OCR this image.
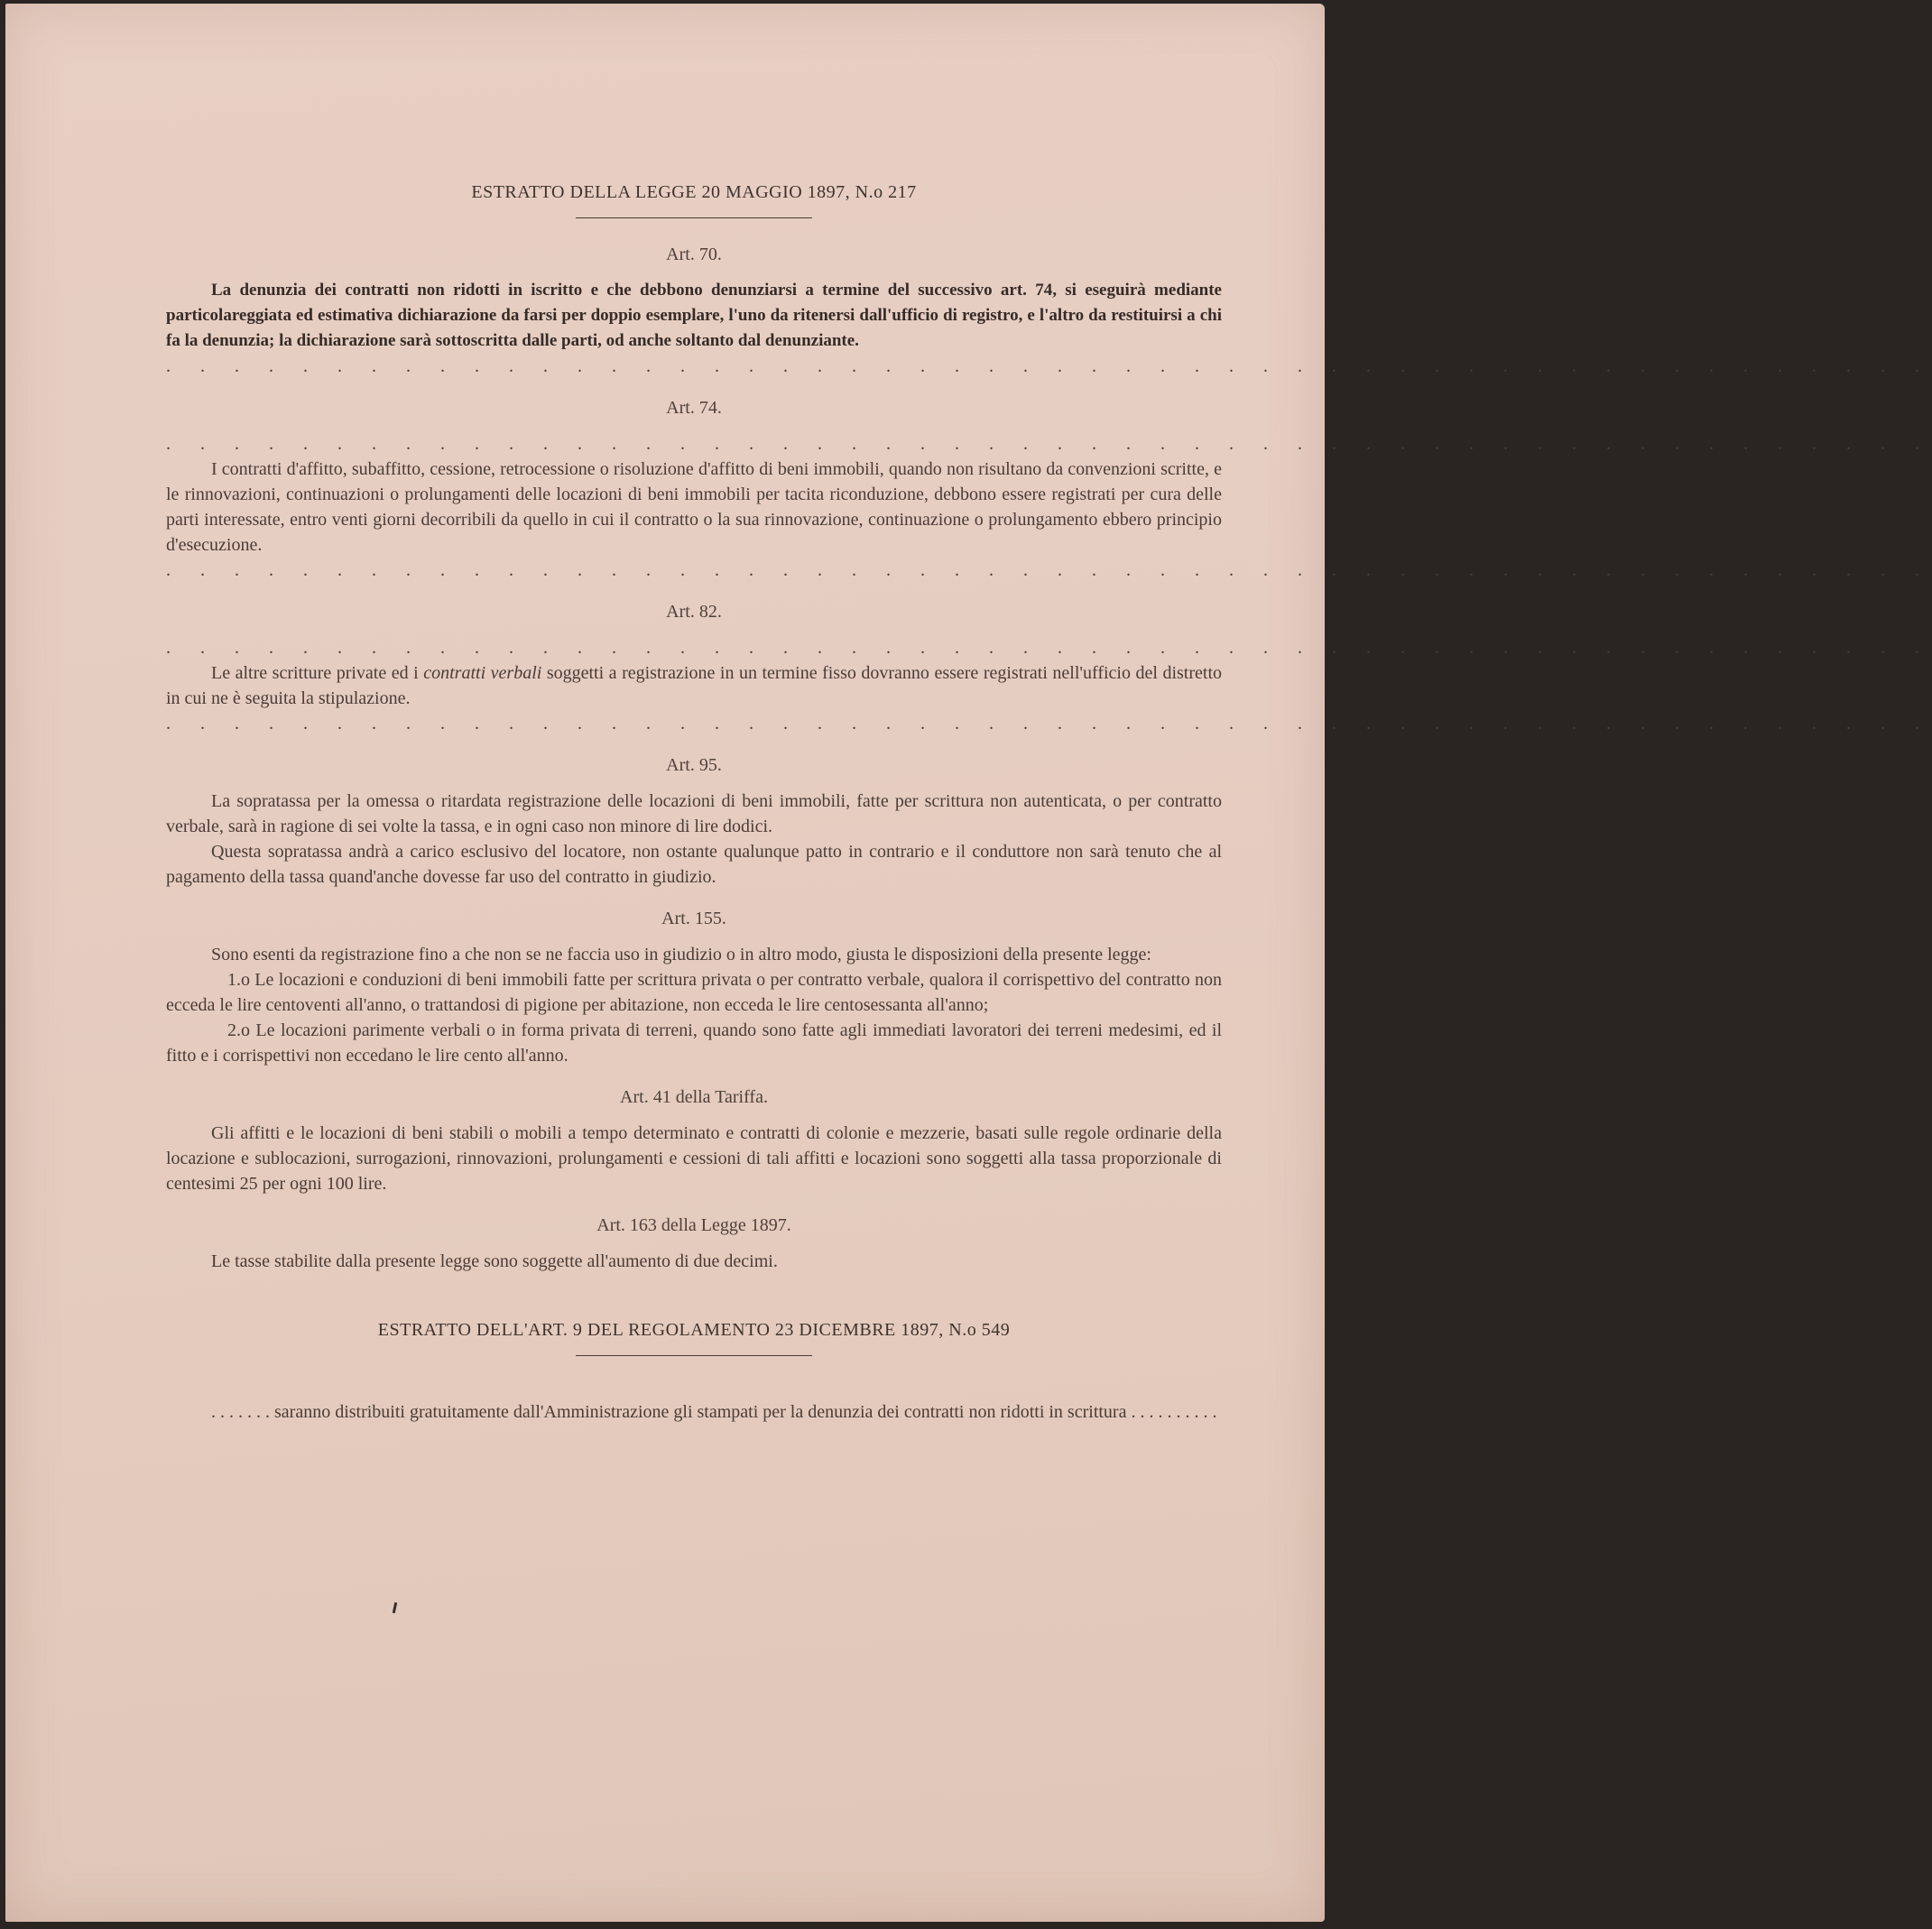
ESTRATTO DELLA LEGGE 20 MAGGIO 1897, N.o 217

Art. 70.

La denunzia dei contratti non ridotti in iscritto e che debbono denunziarsi a termine del successivo art. 74, si eseguirà mediante particolareggiata ed estimativa dichiarazione da farsi per doppio esemplare, l'uno da ritenersi dall'ufficio di registro, e l'altro da restituirsi a chi fa la denunzia; la dichiarazione sarà sottoscritta dalle parti, od anche soltanto dal denunziante.

. . . . . . . . . . . . . . . . . . . . . . . . . . . . . . . . . . . . . . . . . . . . . . . . . . . .

Art. 74.

. . . . . . . . . . . . . . . . . . . . . . . . . . . . . . . . . . . . . . . . . . . . . . . . . . . .

I contratti d'affitto, subaffitto, cessione, retrocessione o risoluzione d'affitto di beni immobili, quando non risultano da convenzioni scritte, e le rinnovazioni, continuazioni o prolungamenti delle locazioni di beni immobili per tacita riconduzione, debbono essere registrati per cura delle parti interessate, entro venti giorni decorribili da quello in cui il contratto o la sua rinnovazione, continuazione o prolungamento ebbero principio d'esecuzione.

. . . . . . . . . . . . . . . . . . . . . . . . . . . . . . . . . . . . . . . . . . . . . . . . . . . .

Art. 82.

. . . . . . . . . . . . . . . . . . . . . . . . . . . . . . . . . . . . . . . . . . . . . . . . . . . .

Le altre scritture private ed i contratti verbali soggetti a registrazione in un termine fisso dovranno essere registrati nell'ufficio del distretto in cui ne è seguita la stipulazione.

. . . . . . . . . . . . . . . . . . . . . . . . . . . . . . . . . . . . . . . . . . . . . . . . . . . .

Art. 95.

La sopratassa per la omessa o ritardata registrazione delle locazioni di beni immobili, fatte per scrittura non autenticata, o per contratto verbale, sarà in ragione di sei volte la tassa, e in ogni caso non minore di lire dodici.

Questa sopratassa andrà a carico esclusivo del locatore, non ostante qualunque patto in contrario e il conduttore non sarà tenuto che al pagamento della tassa quand'anche dovesse far uso del contratto in giudizio.

Art. 155.

Sono esenti da registrazione fino a che non se ne faccia uso in giudizio o in altro modo, giusta le disposizioni della presente legge:

1.o Le locazioni e conduzioni di beni immobili fatte per scrittura privata o per contratto verbale, qualora il corrispettivo del contratto non ecceda le lire centoventi all'anno, o trattandosi di pigione per abitazione, non ecceda le lire centosessanta all'anno;

2.o Le locazioni parimente verbali o in forma privata di terreni, quando sono fatte agli immediati lavoratori dei terreni medesimi, ed il fitto e i corrispettivi non eccedano le lire cento all'anno.

Art. 41 della Tariffa.

Gli affitti e le locazioni di beni stabili o mobili a tempo determinato e contratti di colonie e mezzerie, basati sulle regole ordinarie della locazione e sublocazioni, surrogazioni, rinnovazioni, prolungamenti e cessioni di tali affitti e locazioni sono soggetti alla tassa proporzionale di centesimi 25 per ogni 100 lire.

Art. 163 della Legge 1897.

Le tasse stabilite dalla presente legge sono soggette all'aumento di due decimi.

ESTRATTO DELL'ART. 9 DEL REGOLAMENTO 23 DICEMBRE 1897, N.o 549

. . . . . . . saranno distribuiti gratuitamente dall'Amministrazione gli stampati per la denunzia dei contratti non ridotti in scrittura . . . . . . . . . .
